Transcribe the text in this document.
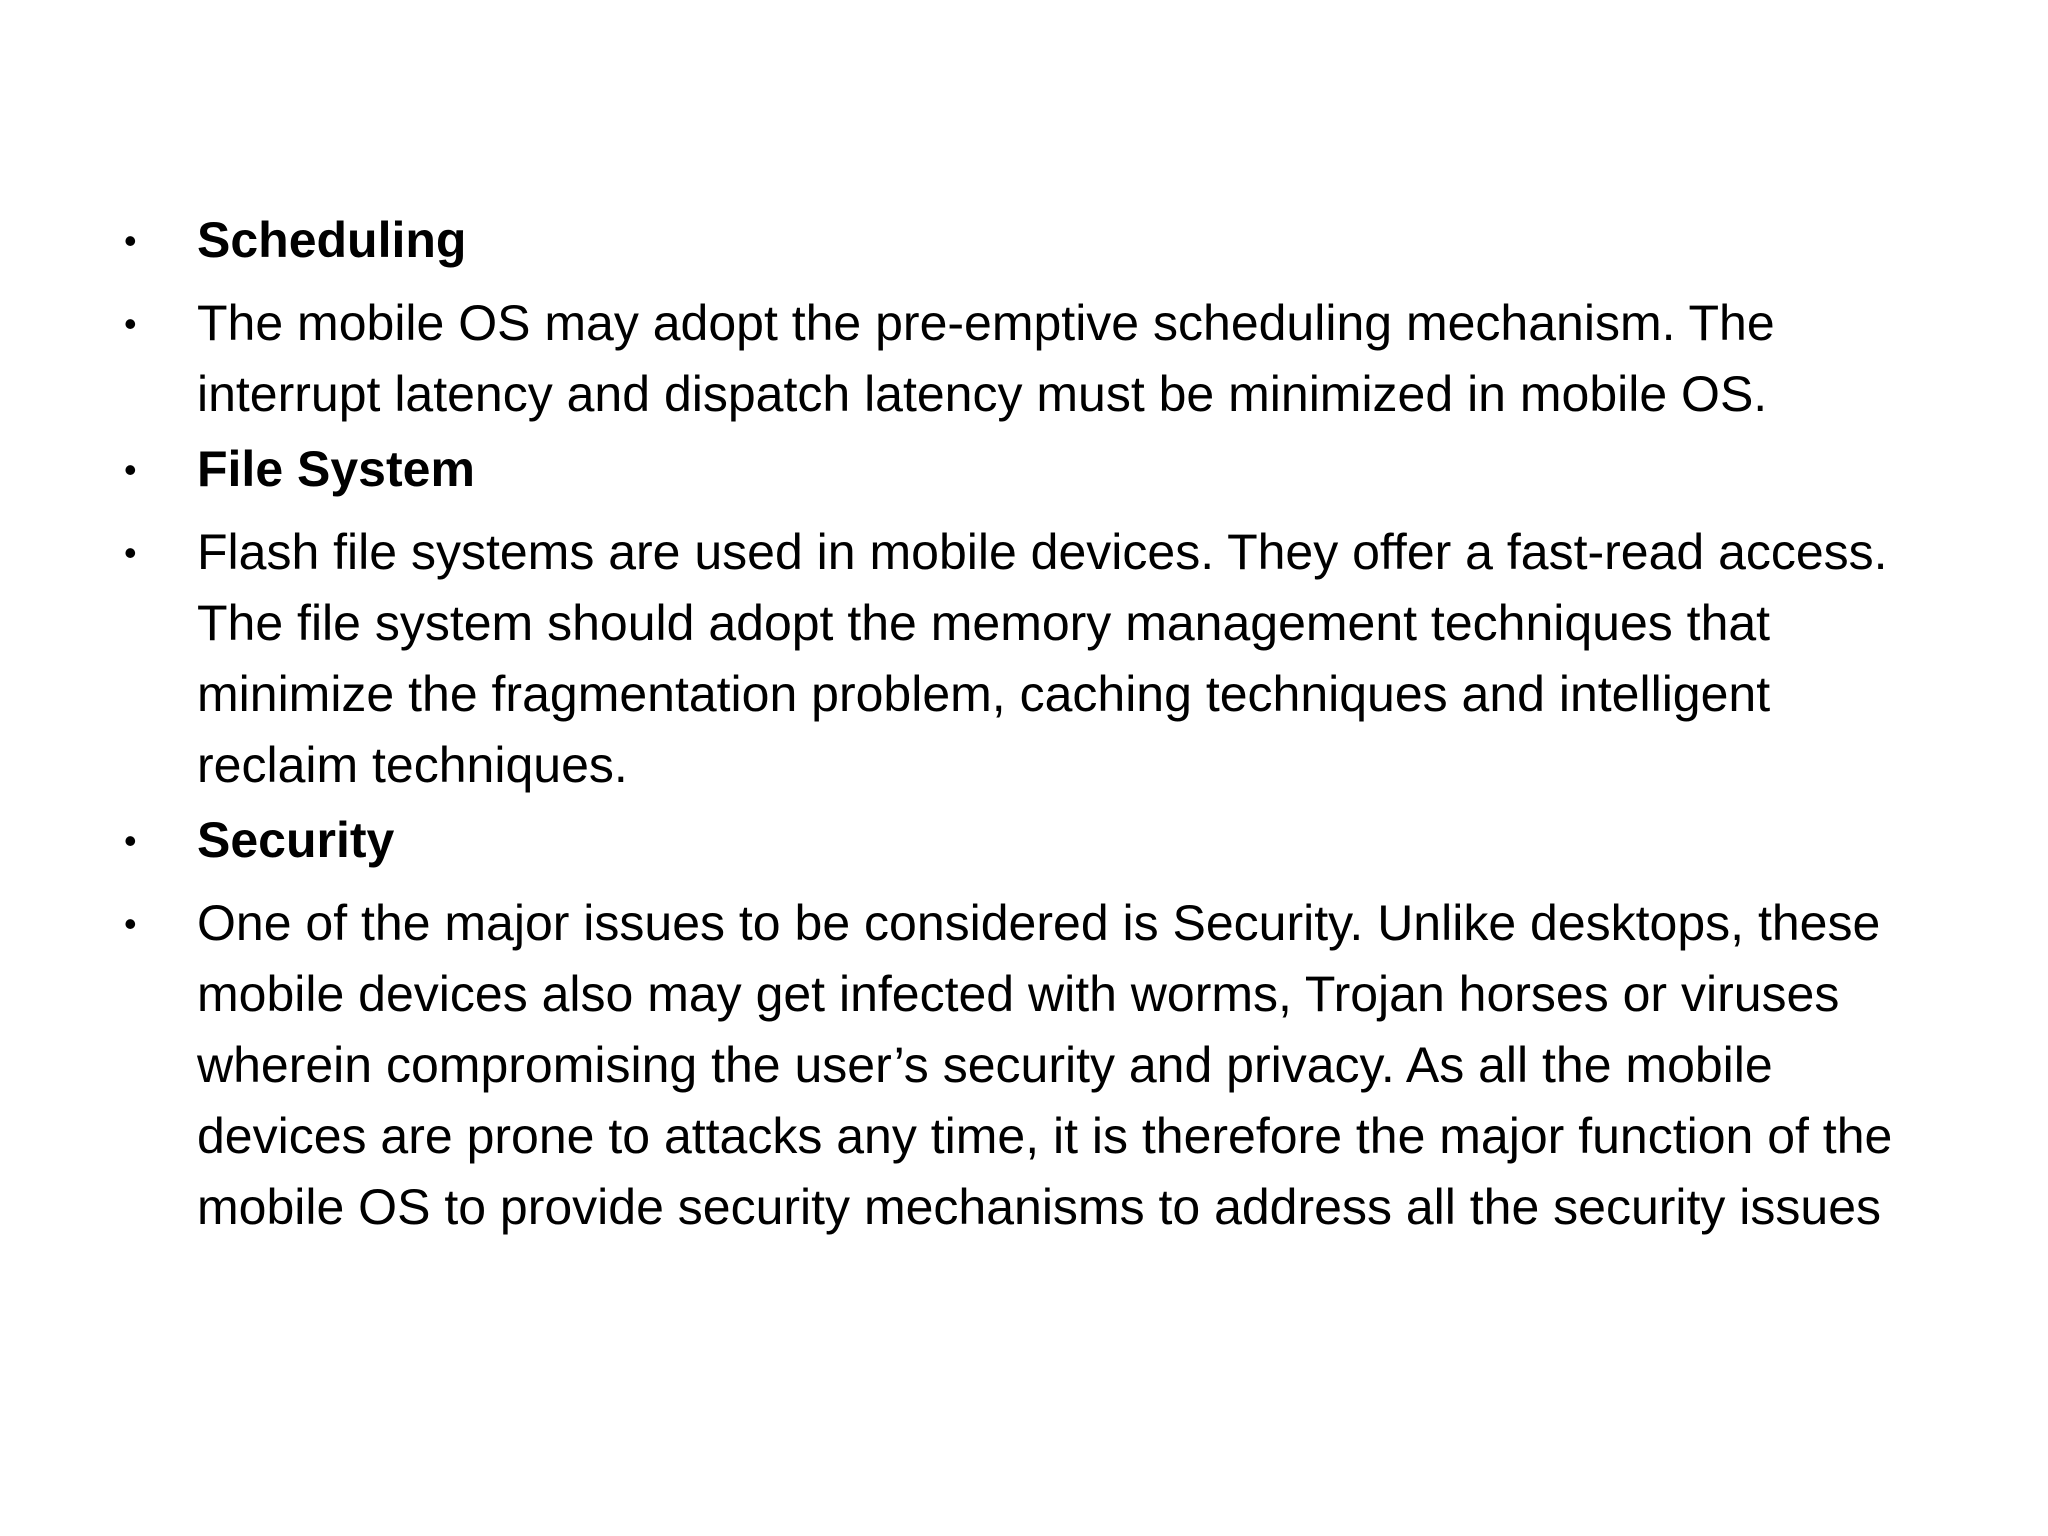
• Scheduling
• The mobile OS may adopt the pre-emptive scheduling mechanism. The interrupt latency and dispatch latency must be minimized in mobile OS.
• File System
• Flash file systems are used in mobile devices. They offer a fast-read access. The file system should adopt the memory management techniques that minimize the fragmentation problem, caching techniques and intelligent reclaim techniques.
• Security
• One of the major issues to be considered is Security. Unlike desktops, these mobile devices also may get infected with worms, Trojan horses or viruses wherein compromising the user’s security and privacy. As all the mobile devices are prone to attacks any time, it is therefore the major function of the mobile OS to provide security mechanisms to address all the security issues
